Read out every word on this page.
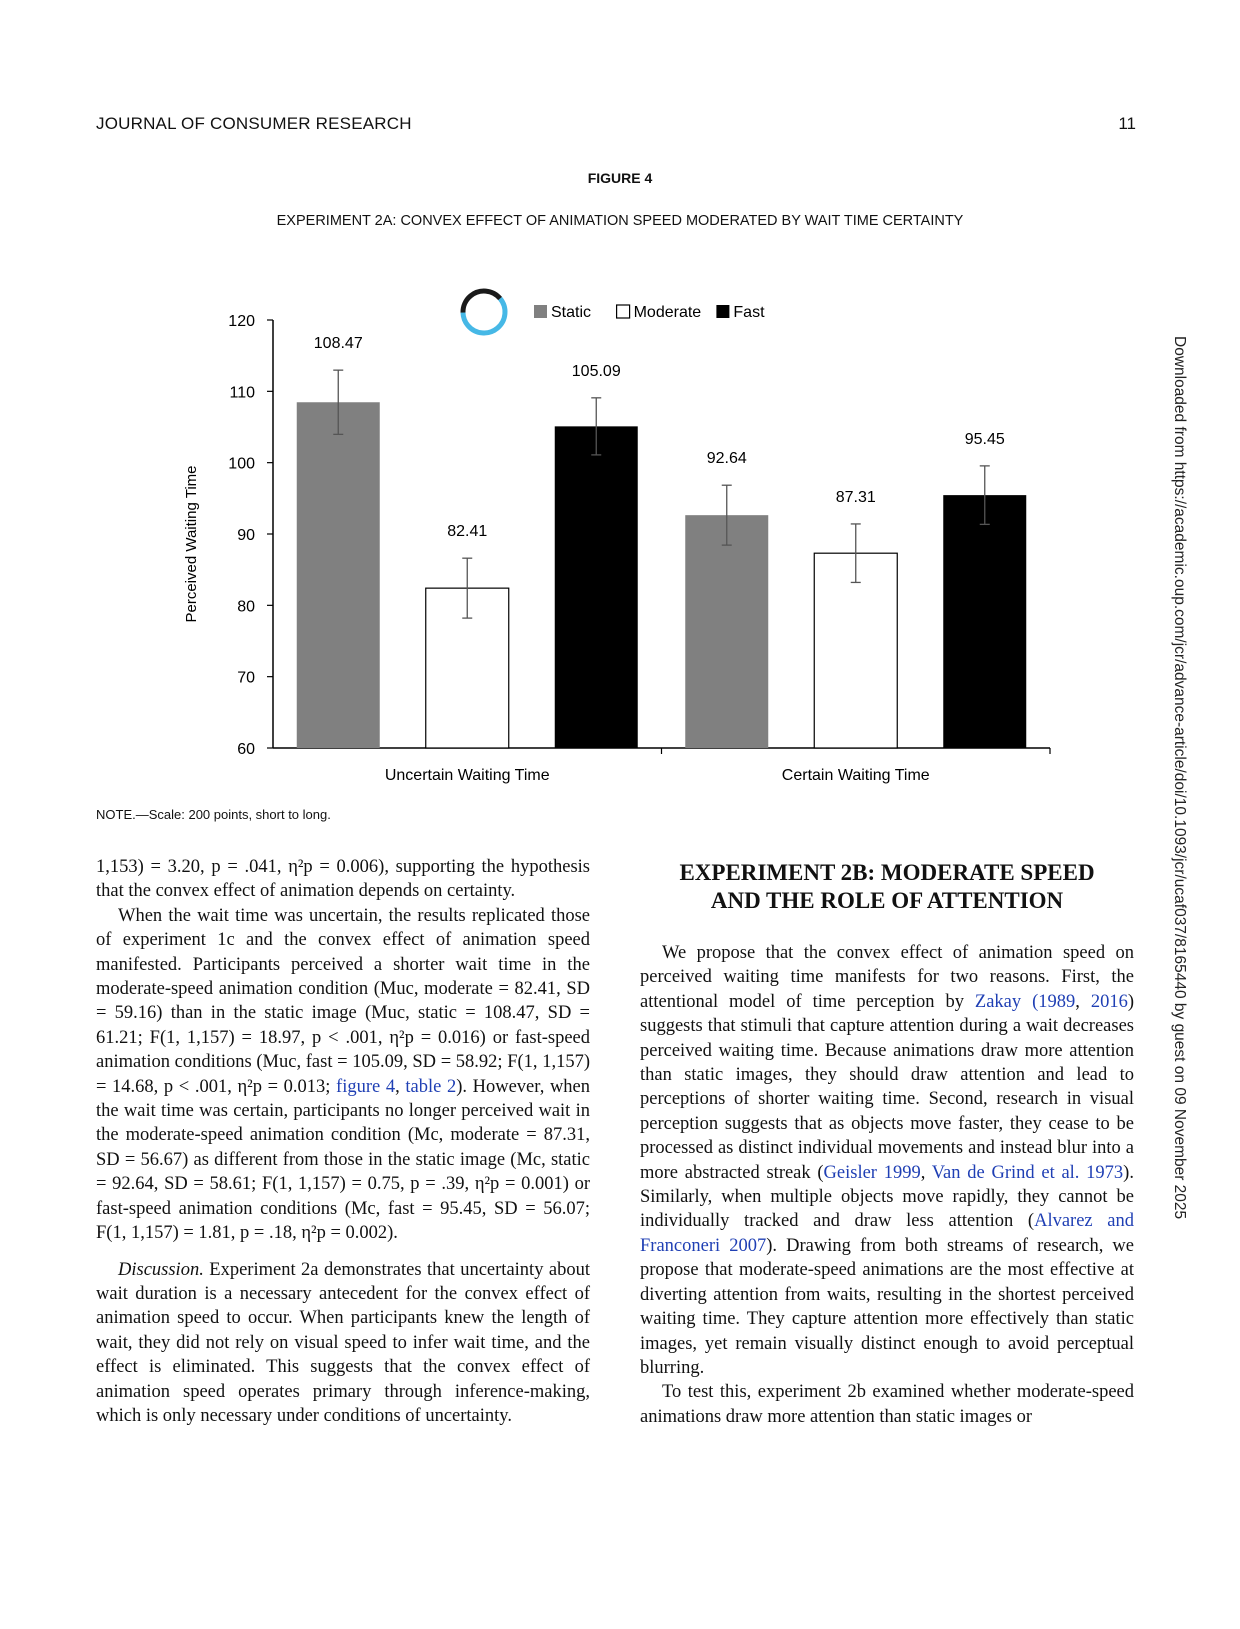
JOURNAL OF CONSUMER RESEARCH	11
FIGURE 4
EXPERIMENT 2A: CONVEX EFFECT OF ANIMATION SPEED MODERATED BY WAIT TIME CERTAINTY
120
110
100
90
80
70
60
Perceived Waiting Time
108.47
82.41
105.09
Uncertain Waiting Time
92.64
87.31
95.45
Certain Waiting Time
Static	Moderate Fast
NOTE.—Scale: 200 points, short to long.	Downloaded from https://academic.oup.com/jcr/advance-article/doi/10.1093/jcr/ucaf037/8165440 by guest on 09 November 2025

1,153) = 3.20, p = .041, η²p = 0.006), supporting the hypothesis that the convex effect of animation depends on certainty.

When the wait time was uncertain, the results replicated those of experiment 1c and the convex effect of animation speed manifested. Participants perceived a shorter wait time in the moderate-speed animation condition (Muc, moderate = 82.41, SD = 59.16) than in the static image (Muc, static = 108.47, SD = 61.21; F(1, 1,157) = 18.97, p < .001, η²p = 0.016) or fast-speed animation conditions (Muc, fast = 105.09, SD = 58.92; F(1, 1,157) = 14.68, p < .001, η²p = 0.013; figure 4, table 2). However, when the wait time was certain, participants no longer perceived wait in the moderate-speed animation condition (Mc, moderate = 87.31, SD = 56.67) as different from those in the static image (Mc, static = 92.64, SD = 58.61; F(1, 1,157) = 0.75, p = .39, η²p = 0.001) or fast-speed animation conditions (Mc, fast = 95.45, SD = 56.07; F(1, 1,157) = 1.81, p = .18, η²p = 0.002).

Discussion. Experiment 2a demonstrates that uncertainty about wait duration is a necessary antecedent for the convex effect of animation speed to occur. When participants knew the length of wait, they did not rely on visual speed to infer wait time, and the effect is eliminated. This suggests that the convex effect of animation speed operates primary through inference-making, which is only necessary under conditions of uncertainty.

EXPERIMENT 2B: MODERATE SPEED
AND THE ROLE OF ATTENTION

We propose that the convex effect of animation speed on perceived waiting time manifests for two reasons. First, the attentional model of time perception by Zakay (1989, 2016) suggests that stimuli that capture attention during a wait decreases perceived waiting time. Because animations draw more attention than static images, they should draw attention and lead to perceptions of shorter waiting time. Second, research in visual perception suggests that as objects move faster, they cease to be processed as distinct individual movements and instead blur into a more abstracted streak (Geisler 1999, Van de Grind et al. 1973). Similarly, when multiple objects move rapidly, they cannot be individually tracked and draw less attention (Alvarez and Franconeri 2007). Drawing from both streams of research, we propose that moderate-speed animations are the most effective at diverting attention from waits, resulting in the shortest perceived waiting time. They capture attention more effectively than static images, yet remain visually distinct enough to avoid perceptual blurring.

To test this, experiment 2b examined whether moderate-speed animations draw more attention than static images or
